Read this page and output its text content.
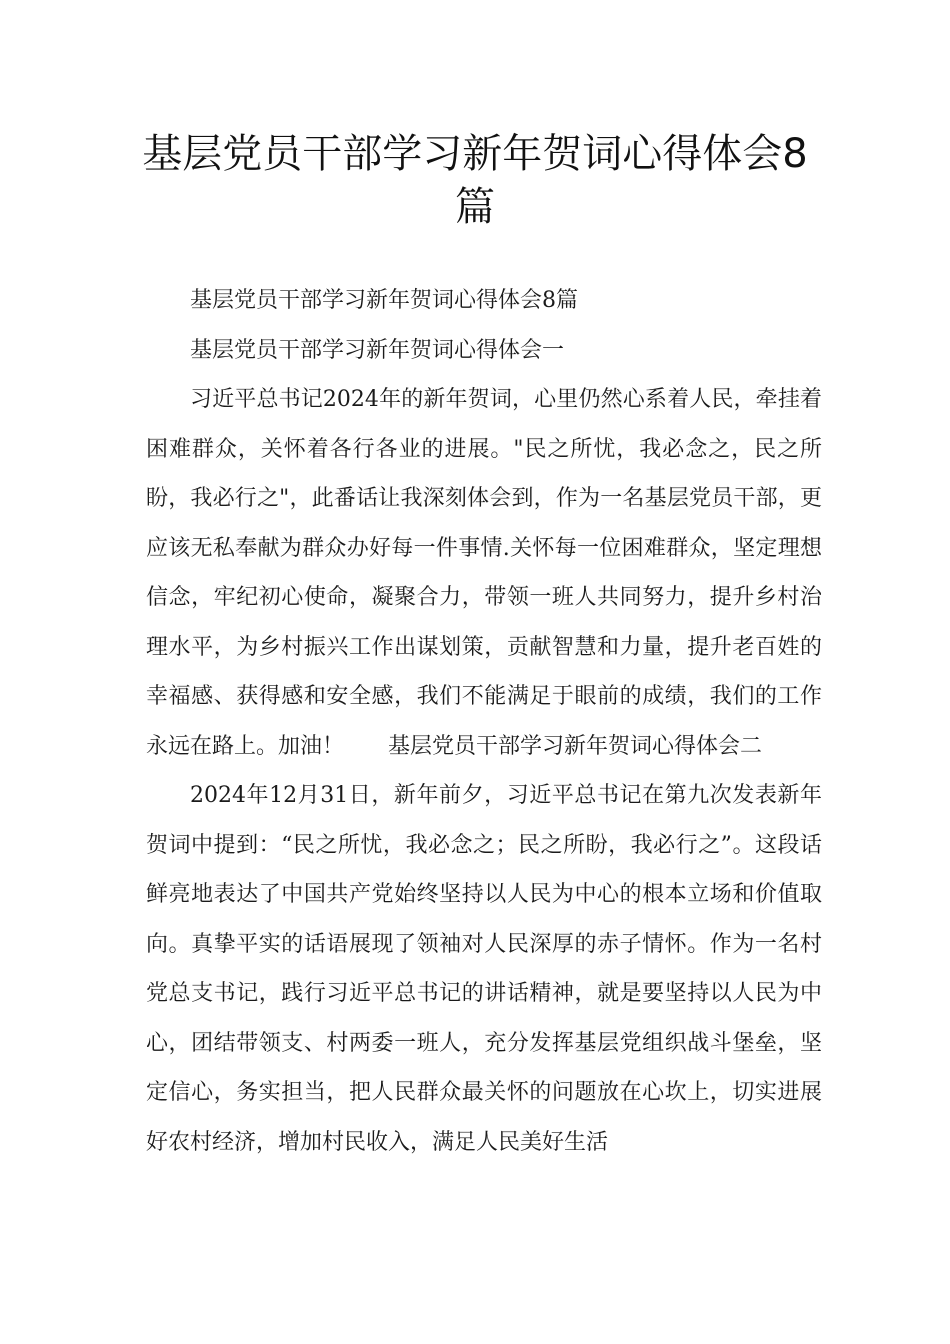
基层党员干部学习新年贺词心得体会8篇

基层党员干部学习新年贺词心得体会8篇

基层党员干部学习新年贺词心得体会一

习近平总书记2024年的新年贺词，心里仍然心系着人民，牵挂着困难群众，关怀着各行各业的进展。"民之所忧，我必念之，民之所盼，我必行之"，此番话让我深刻体会到，作为一名基层党员干部，更应该无私奉献为群众办好每一件事情.关怀每一位困难群众，坚定理想信念，牢纪初心使命，凝聚合力，带领一班人共同努力，提升乡村治理水平，为乡村振兴工作出谋划策，贡献智慧和力量，提升老百姓的幸福感、获得感和安全感，我们不能满足于眼前的成绩，我们的工作永远在路上。加油！　　基层党员干部学习新年贺词心得体会二

2024年12月31日，新年前夕，习近平总书记在第九次发表新年贺词中提到：“民之所忧，我必念之；民之所盼，我必行之”。这段话鲜亮地表达了中国共产党始终坚持以人民为中心的根本立场和价值取向。真挚平实的话语展现了领袖对人民深厚的赤子情怀。作为一名村党总支书记，践行习近平总书记的讲话精神，就是要坚持以人民为中心，团结带领支、村两委一班人，充分发挥基层党组织战斗堡垒，坚定信心，务实担当，把人民群众最关怀的问题放在心坎上，切实进展好农村经济，增加村民收入，满足人民美好生活
